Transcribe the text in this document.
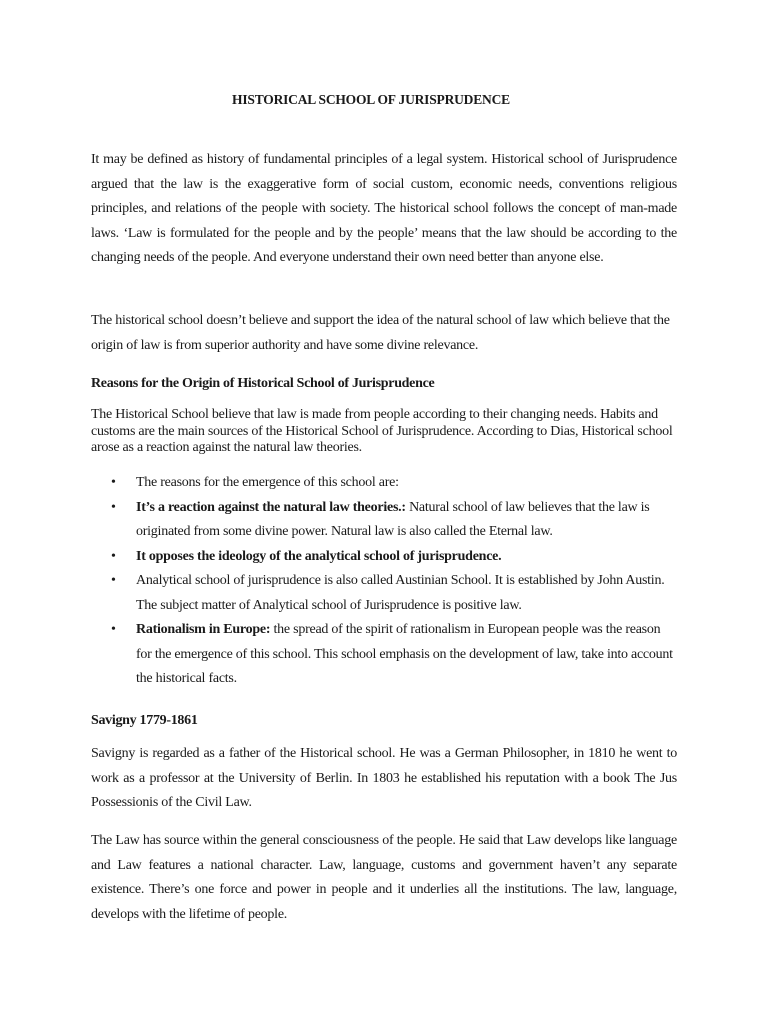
HISTORICAL SCHOOL OF JURISPRUDENCE

It may be defined as history of fundamental principles of a legal system. Historical school of Jurisprudence argued that the law is the exaggerative form of social custom, economic needs, conventions religious principles, and relations of the people with society. The historical school follows the concept of man-made laws. ‘Law is formulated for the people and by the people’ means that the law should be according to the changing needs of the people. And everyone understand their own need better than anyone else.

The historical school doesn’t believe and support the idea of the natural school of law which believe that the origin of law is from superior authority and have some divine relevance.

Reasons for the Origin of Historical School of Jurisprudence

The Historical School believe that law is made from people according to their changing needs. Habits and customs are the main sources of the Historical School of Jurisprudence. According to Dias, Historical school arose as a reaction against the natural law theories.

• The reasons for the emergence of this school are:
• It’s a reaction against the natural law theories.: Natural school of law believes that the law is originated from some divine power. Natural law is also called the Eternal law.
• It opposes the ideology of the analytical school of jurisprudence.
• Analytical school of jurisprudence is also called Austinian School. It is established by John Austin. The subject matter of Analytical school of Jurisprudence is positive law.
• Rationalism in Europe: the spread of the spirit of rationalism in European people was the reason for the emergence of this school. This school emphasis on the development of law, take into account the historical facts.

Savigny 1779-1861

Savigny is regarded as a father of the Historical school. He was a German Philosopher, in 1810 he went to work as a professor at the University of Berlin. In 1803 he established his reputation with a book The Jus Possessionis of the Civil Law.

The Law has source within the general consciousness of the people. He said that Law develops like language and Law features a national character. Law, language, customs and government haven’t any separate existence. There’s one force and power in people and it underlies all the institutions. The law, language, develops with the lifetime of people.
